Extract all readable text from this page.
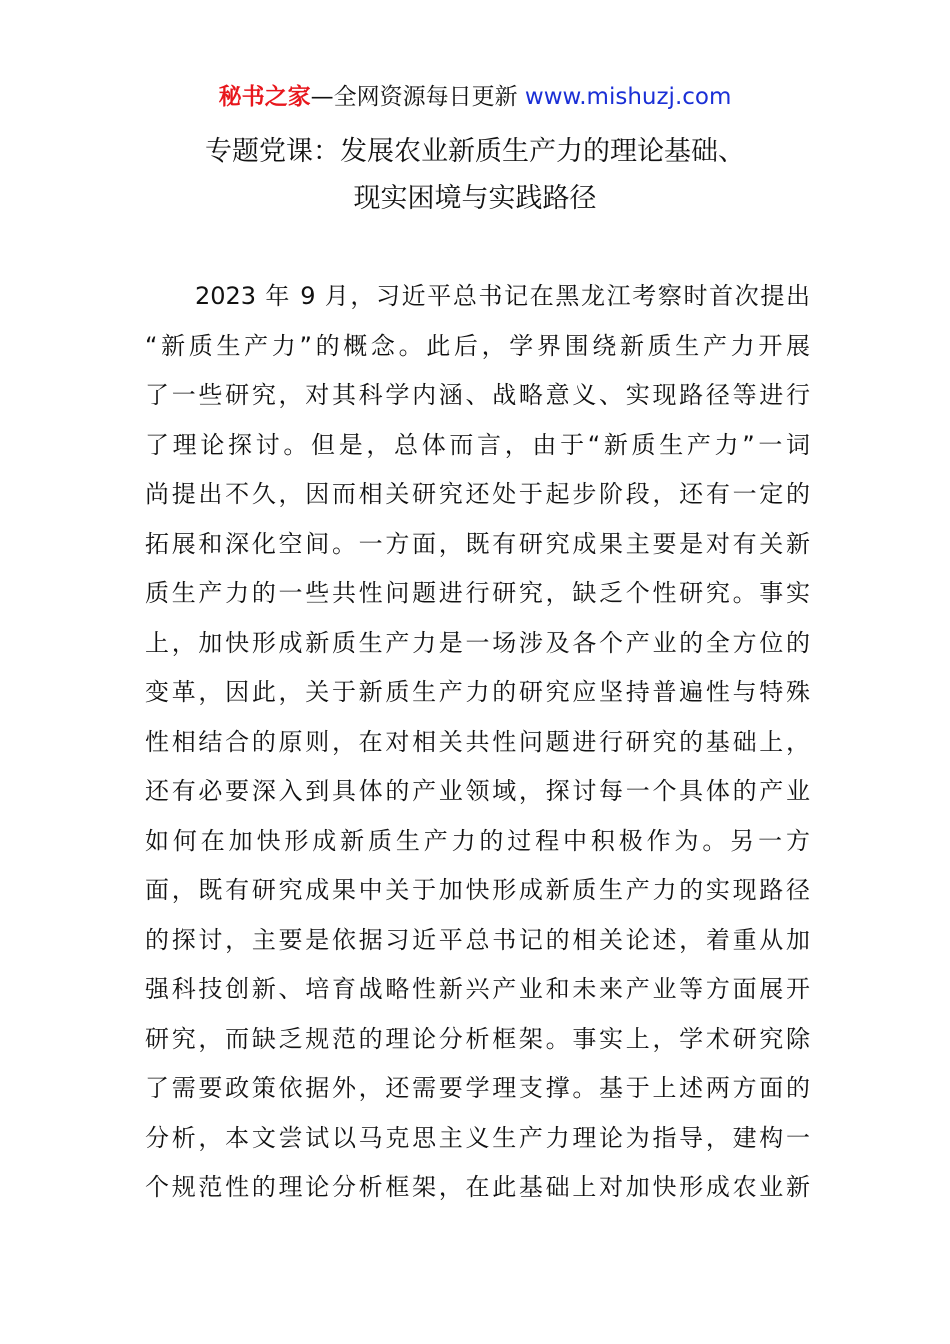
秘书之家—全网资源每日更新 www.mishuzj.com
专题党课：发展农业新质生产力的理论基础、
现实困境与实践路径
2023 年 9 月，习近平总书记在黑龙江考察时首次提出
“新质生产力”的概念。此后，学界围绕新质生产力开展
了一些研究，对其科学内涵、战略意义、实现路径等进行
了理论探讨。但是，总体而言，由于“新质生产力”一词
尚提出不久，因而相关研究还处于起步阶段，还有一定的
拓展和深化空间。一方面，既有研究成果主要是对有关新
质生产力的一些共性问题进行研究，缺乏个性研究。事实
上，加快形成新质生产力是一场涉及各个产业的全方位的
变革，因此，关于新质生产力的研究应坚持普遍性与特殊
性相结合的原则，在对相关共性问题进行研究的基础上，
还有必要深入到具体的产业领域，探讨每一个具体的产业
如何在加快形成新质生产力的过程中积极作为。另一方
面，既有研究成果中关于加快形成新质生产力的实现路径
的探讨，主要是依据习近平总书记的相关论述，着重从加
强科技创新、培育战略性新兴产业和未来产业等方面展开
研究，而缺乏规范的理论分析框架。事实上，学术研究除
了需要政策依据外，还需要学理支撑。基于上述两方面的
分析，本文尝试以马克思主义生产力理论为指导，建构一
个规范性的理论分析框架，在此基础上对加快形成农业新
